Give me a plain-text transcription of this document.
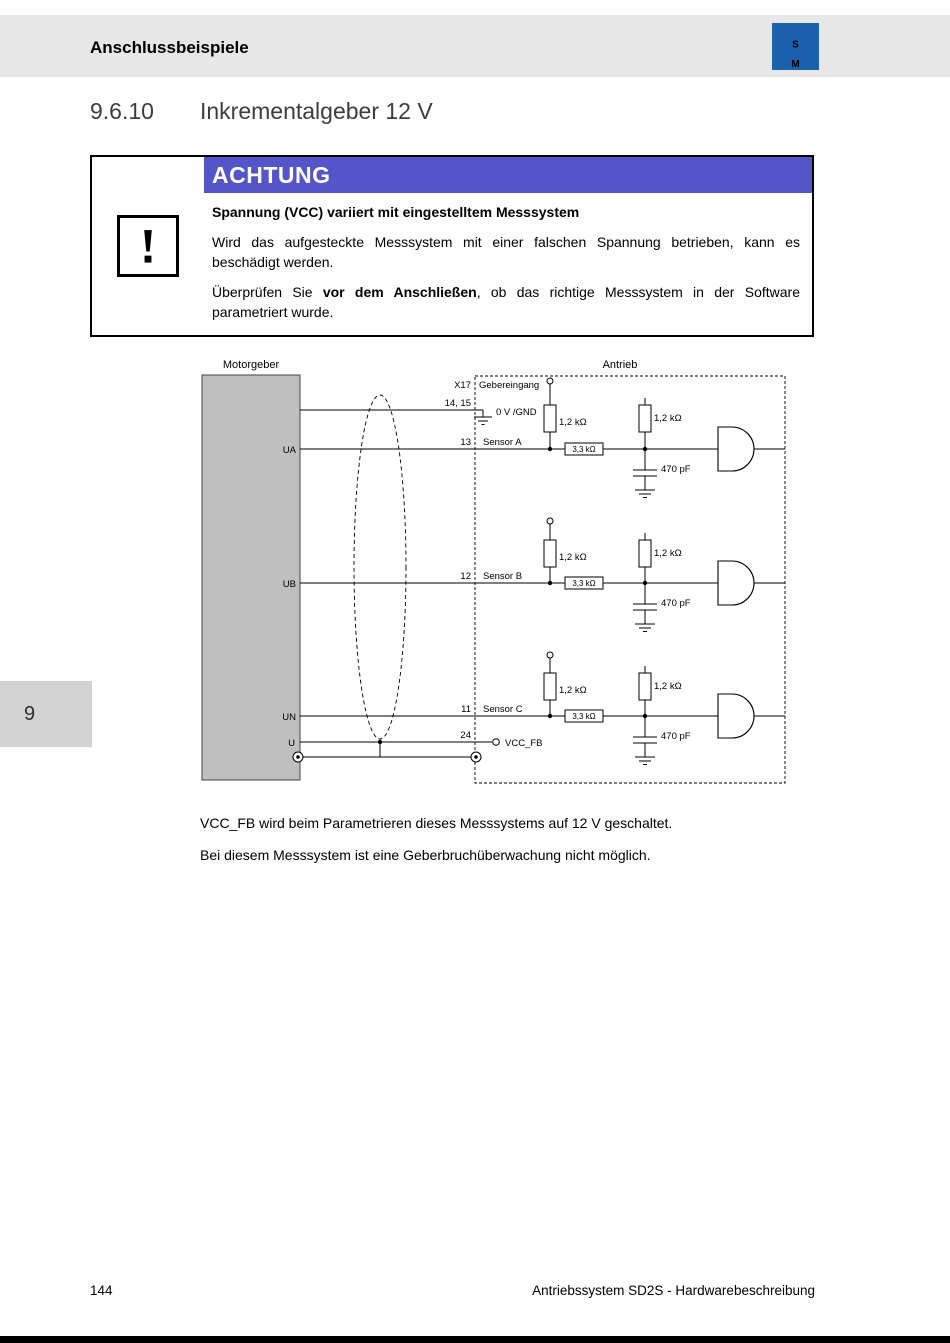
Anschlussbeispiele	S
M
9.6.10 Inkrementalgeber 12 V
ACHTUNG

Spannung (VCC) variiert mit eingestelltem Messsystem

Wird das aufgesteckte Messsystem mit einer falschen Spannung betrieben, kann es beschädigt werden.

Überprüfen Sie vor dem Anschließen, ob das richtige Messsystem in der Software parametriert wurde.

Motorgeber	Antrieb
X17 Gebereingang
14, 15
0 V /GND
UA
13 Sensor A
1,2 kΩ
3,3 kΩ
1,2 kΩ
470 pF
UB
12 Sensor B
1,2 kΩ
3,3 kΩ
1,2 kΩ
470 pF
UN
11 Sensor C
1,2 kΩ
3,3 kΩ
1,2 kΩ
470 pF
24
U	VCC_FB
VCC_FB wird beim Parametrieren dieses Messsystems auf 12 V geschaltet.
Bei diesem Messsystem ist eine Geberbruchüberwachung nicht möglich.
9
144	Antriebssystem SD2S - Hardwarebeschreibung
